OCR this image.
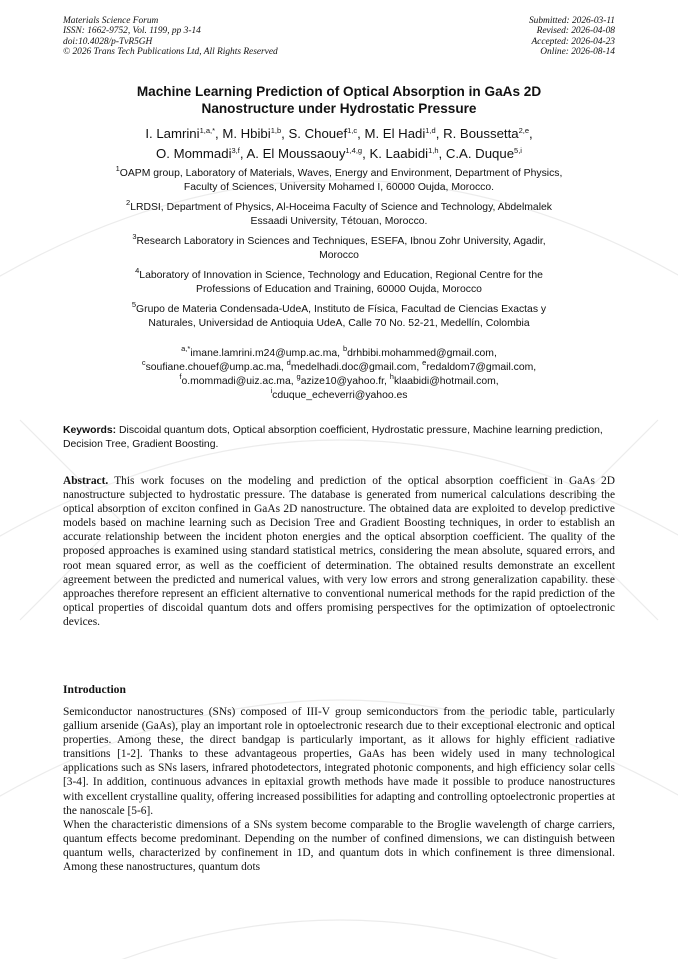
Materials Science Forum
ISSN: 1662-9752, Vol. 1199, pp 3-14
doi:10.4028/p-TvR5GH
© 2026 Trans Tech Publications Ltd, All Rights Reserved
Submitted: 2026-03-11
Revised: 2026-04-08
Accepted: 2026-04-23
Online: 2026-08-14
Machine Learning Prediction of Optical Absorption in GaAs 2D
Nanostructure under Hydrostatic Pressure
I. Lamrini$^{1,a,*}$, M. Hbibi$^{1,b}$, S. Chouef$^{1,c}$, M. El Hadi$^{1,d}$, R. Boussetta$^{2,e}$,
O. Mommadi$^{3,f}$, A. El Moussaouy$^{1,4,g}$, K. Laabidi$^{1,h}$, C.A. Duque$^{5,i}$
$^1$OAPM group, Laboratory of Materials, Waves, Energy and Environment, Department of Physics,
Faculty of Sciences, University Mohamed I, 60000 Oujda, Morocco.
$^2$LRDSI, Department of Physics, Al-Hoceima Faculty of Science and Technology, Abdelmalek
Essaadi University, Tétouan, Morocco.
$^3$Research Laboratory in Sciences and Techniques, ESEFA, Ibnou Zohr University, Agadir,
Morocco
$^4$Laboratory of Innovation in Science, Technology and Education, Regional Centre for the
Professions of Education and Training, 60000 Oujda, Morocco
$^5$Grupo de Materia Condensada-UdeA, Instituto de Física, Facultad de Ciencias Exactas y
Naturales, Universidad de Antioquia UdeA, Calle 70 No. 52-21, Medellín, Colombia
$^{a,*}$imane.lamrini.m24@ump.ac.ma, $^b$drhbibi.mohammed@gmail.com,
$^c$soufiane.chouef@ump.ac.ma, $^d$medelhadi.doc@gmail.com, $^e$redaldom7@gmail.com,
$^f$o.mommadi@uiz.ac.ma, $^g$azize10@yahoo.fr, $^h$klaabidi@hotmail.com,
$^i$cduque_echeverri@yahoo.es
Keywords: Discoidal quantum dots, Optical absorption coefficient, Hydrostatic pressure, Machine learning prediction, Decision Tree, Gradient Boosting.
Abstract. This work focuses on the modeling and prediction of the optical absorption coefficient in GaAs 2D nanostructure subjected to hydrostatic pressure. The database is generated from numerical calculations describing the optical absorption of exciton confined in GaAs 2D nanostructure. The obtained data are exploited to develop predictive models based on machine learning such as Decision Tree and Gradient Boosting techniques, in order to establish an accurate relationship between the incident photon energies and the optical absorption coefficient. The quality of the proposed approaches is examined using standard statistical metrics, considering the mean absolute, squared errors, and root mean squared error, as well as the coefficient of determination. The obtained results demonstrate an excellent agreement between the predicted and numerical values, with very low errors and strong generalization capability. these approaches therefore represent an efficient alternative to conventional numerical methods for the rapid prediction of the optical properties of discoidal quantum dots and offers promising perspectives for the optimization of optoelectronic devices.
Introduction

Semiconductor nanostructures (SNs) composed of III-V group semiconductors from the periodic table, particularly gallium arsenide (GaAs), play an important role in optoelectronic research due to their exceptional electronic and optical properties. Among these, the direct bandgap is particularly important, as it allows for highly efficient radiative transitions [1-2]. Thanks to these advantageous properties, GaAs has been widely used in many technological applications such as SNs lasers, infrared photodetectors, integrated photonic components, and high efficiency solar cells [3-4]. In addition, continuous advances in epitaxial growth methods have made it possible to produce nanostructures with excellent crystalline quality, offering increased possibilities for adapting and controlling optoelectronic properties at the nanoscale [5-6].

When the characteristic dimensions of a SNs system become comparable to the Broglie wavelength of charge carriers, quantum effects become predominant. Depending on the number of confined dimensions, we can distinguish between quantum wells, characterized by confinement in 1D, and quantum dots in which confinement is three dimensional. Among these nanostructures, quantum dots
